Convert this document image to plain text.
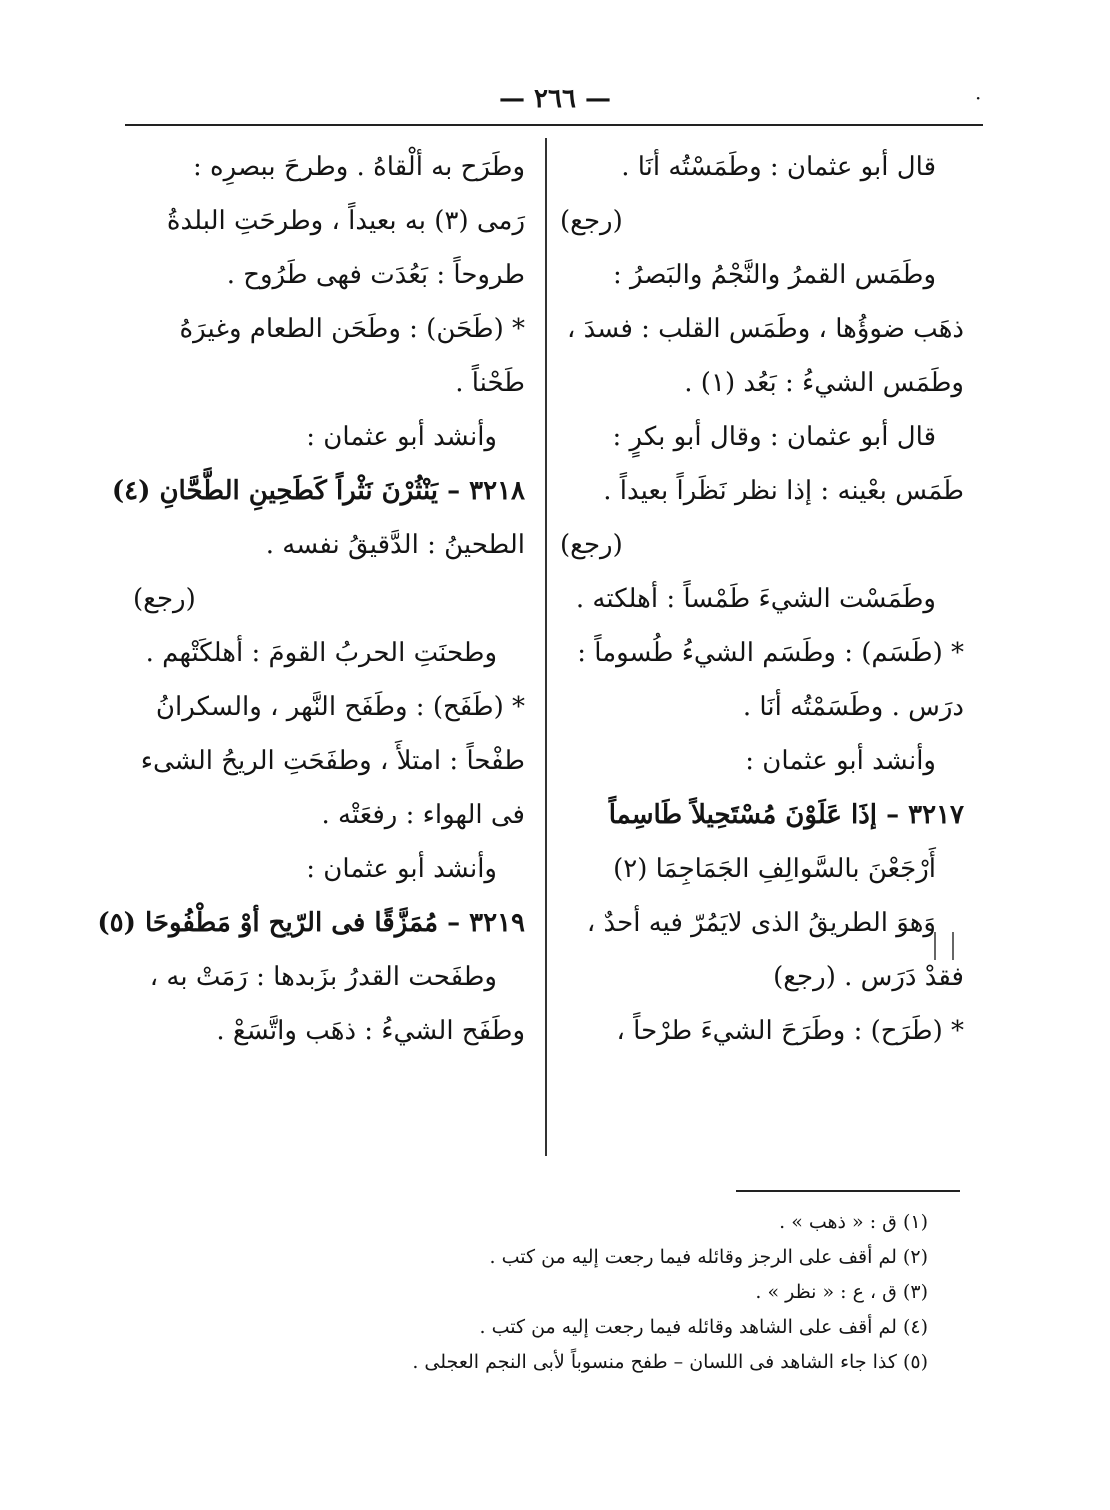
·
— ٢٦٦ —
قال أبو عثمان : وطَمَسْتُه أنَا .
(رجع)
وطَمَس القمرُ والنَّجْمُ والبَصرُ :
ذهَب ضوؤُها ، وطَمَس القلب : فسدَ ،
وطَمَس الشيءُ : بَعُد (١) .
قال أبو عثمان : وقال أبو بكرٍ :
طَمَس بعْينه : إذا نظر نَظَراً بعيداً .
(رجع)
وطَمَسْت الشيءَ طَمْساً : أهلكته .
* (طَسَم) : وطَسَم الشيءُ طُسوماً :
درَس . وطَسَمْتُه أنَا .
وأنشد أبو عثمان :
٣٢١٧ – إذَا عَلَوْنَ مُسْتَحِيلاً طَاسِماً
أَرْجَعْنَ بالسَّوالِفِ الجَمَاجِمَا (٢)
وَهوَ الطريقُ الذى لايَمُرّ فيه أحدٌ ،
فقدْ دَرَس . (رجع)
* (طَرَح) : وطَرَحَ الشيءَ طرْحاً ،
وطَرَح به ألْقاهُ . وطرحَ ببصرِه :
رَمى (٣) به بعيداً ، وطرحَتِ البلدةُ
طروحاً : بَعُدَت فهى طَرُوح .
* (طَحَن) : وطَحَن الطعام وغيرَهُ
طَحْناً .
وأنشد أبو عثمان :
٣٢١٨ – يَنْثُرْنَ نَثْراً كَطَحِينِ الطَّحَّانِ (٤)
الطحينُ : الدَّقيقُ نفسه .
(رجع)
وطحنَتِ الحربُ القومَ : أهلكَتْهم .
* (طَفَح) : وطَفَح النَّهر ، والسكرانُ
طفْحاً : امتلأَ ، وطفَحَتِ الريحُ الشىء
فى الهواء : رفعَتْه .
وأنشد أبو عثمان :
٣٢١٩ – مُمَزَّقًا فى الرّيح أوْ مَطْفُوحَا (٥)
وطفَحت القدرُ بزَبدها : رَمَتْ به ،
وطَفَح الشيءُ : ذهَب واتَّسَعْ .
(١) ق : « ذهب » .
(٢) لم أقف على الرجز وقائله فيما رجعت إليه من كتب .
(٣) ق ، ع : « نظر » .
(٤) لم أقف على الشاهد وقائله فيما رجعت إليه من كتب .
(٥) كذا جاء الشاهد فى اللسان – طفح منسوباً لأبى النجم العجلى .
